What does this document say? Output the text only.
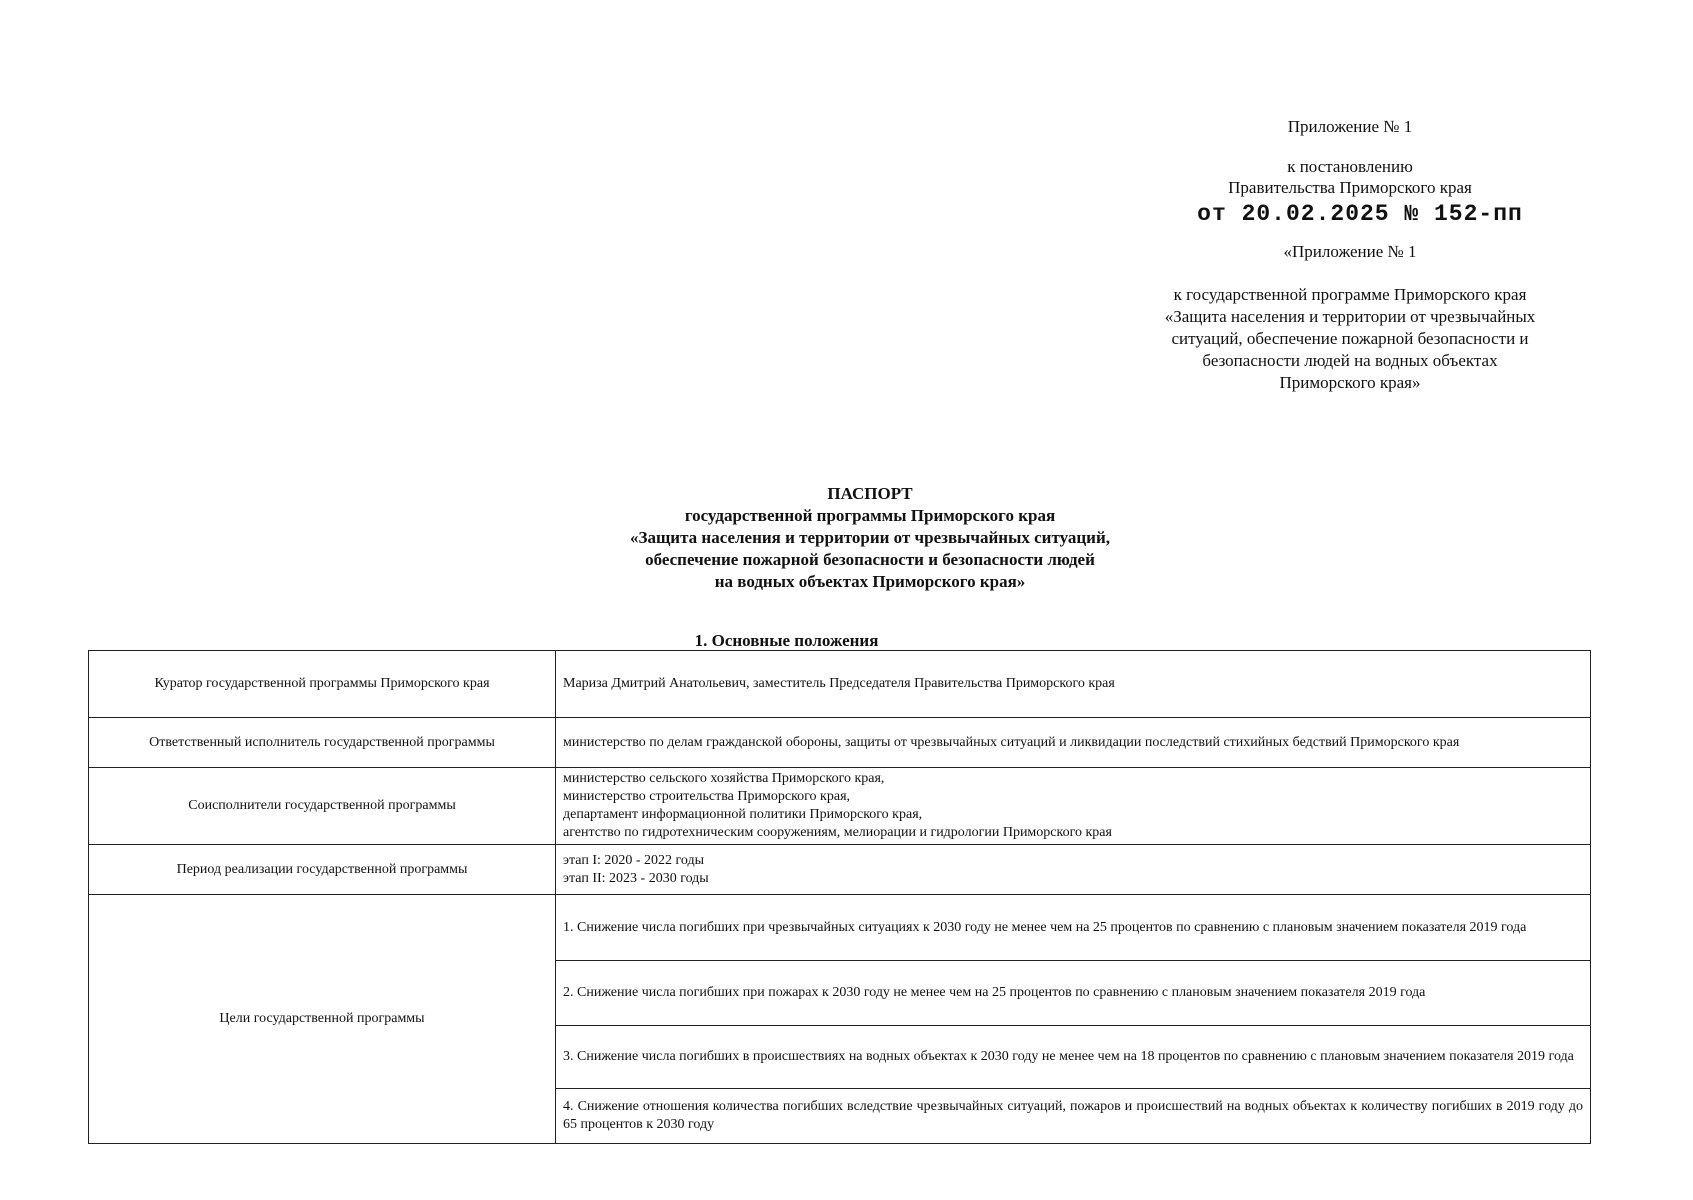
Приложение № 1
к постановлению
Правительства Приморского края
от 20.02.2025 № 152-пп
«Приложение № 1
к государственной программе Приморского края
«Защита населения и территории от чрезвычайных
ситуаций, обеспечение пожарной безопасности и
безопасности людей на водных объектах
Приморского края»
ПАСПОРТ
государственной программы Приморского края
«Защита населения и территории от чрезвычайных ситуаций,
обеспечение пожарной безопасности и безопасности людей
на водных объектах Приморского края»
1. Основные положения
Куратор государственной программы Приморского края	Мариза Дмитрий Анатольевич, заместитель Председателя Правительства Приморского края
Ответственный исполнитель государственной программы	министерство по делам гражданской обороны, защиты от чрезвычайных ситуаций и ликвидации последствий стихийных бедствий Приморского края
Соисполнители государственной программы	министерство сельского хозяйства Приморского края,
министерство строительства Приморского края,
департамент информационной политики Приморского края,
агентство по гидротехническим сооружениям, мелиорации и гидрологии Приморского края

Период реализации государственной программы	этап I: 2020 - 2022 годы
этап II: 2023 - 2030 годы

Цели государственной программы	1. Снижение числа погибших при чрезвычайных ситуациях к 2030 году не менее чем на 25 процентов по сравнению с плановым значением показателя 2019 года
	2. Снижение числа погибших при пожарах к 2030 году не менее чем на 25 процентов по сравнению с плановым значением показателя 2019 года
	3. Снижение числа погибших в происшествиях на водных объектах к 2030 году не менее чем на 18 процентов по сравнению с плановым значением показателя 2019 года
	4. Снижение отношения количества погибших вследствие чрезвычайных ситуаций, пожаров и происшествий на водных объектах к количеству погибших в 2019 году до 65 процентов к 2030 году
